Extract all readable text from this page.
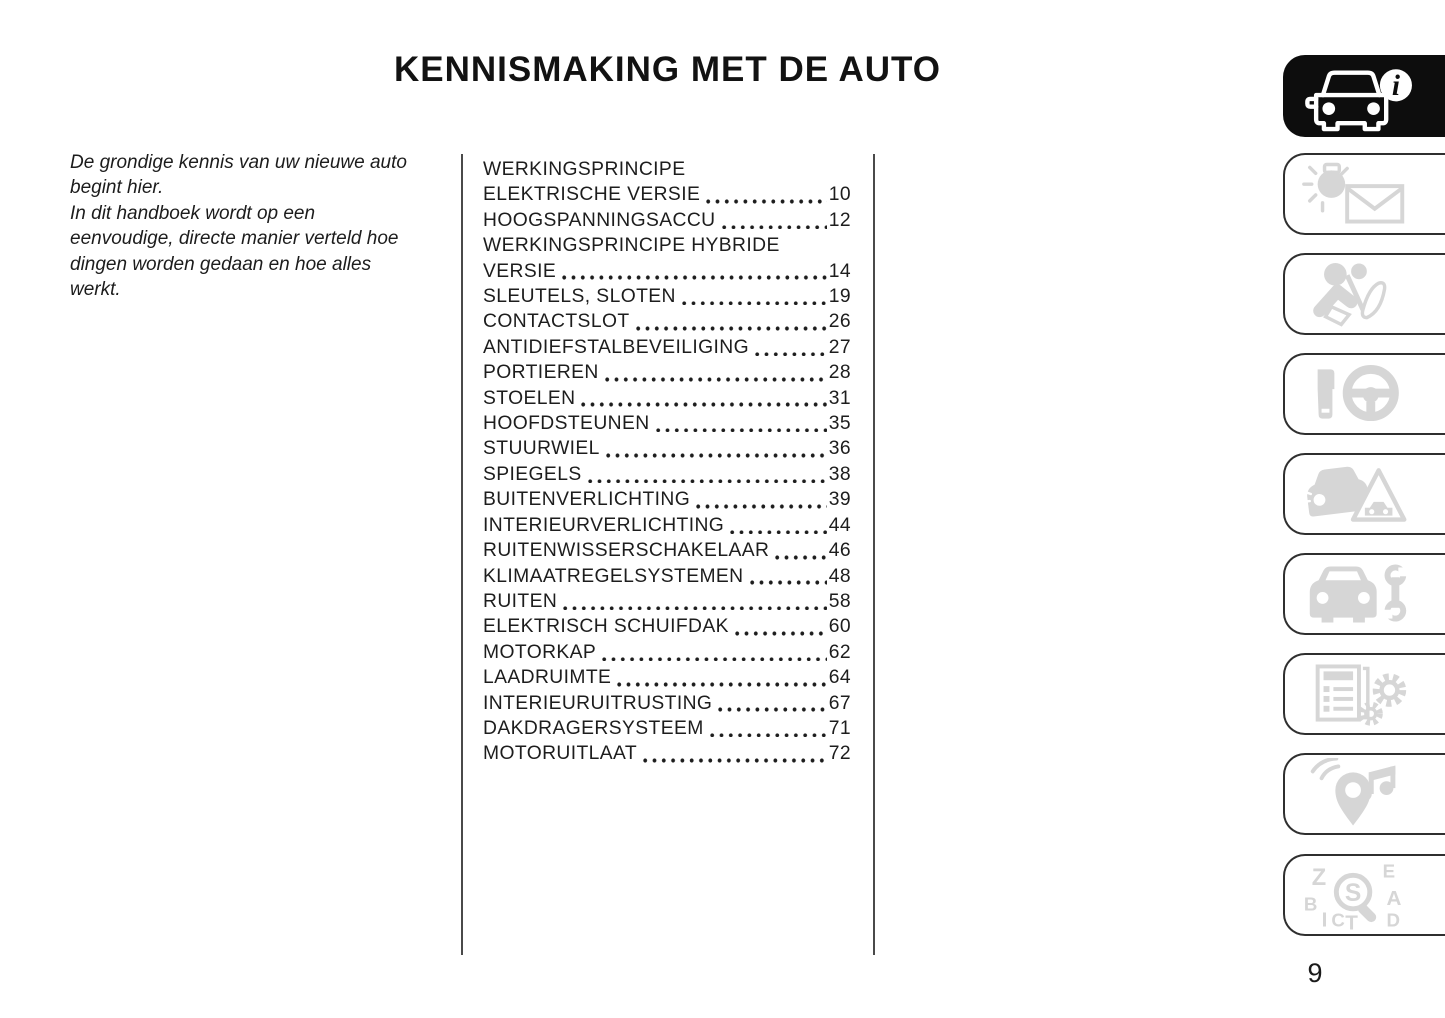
KENNISMAKING MET DE AUTO
De grondige kennis van uw nieuwe auto
begint hier.
In dit handboek wordt op een
eenvoudige, directe manier verteld hoe
dingen worden gedaan en hoe alles
werkt.
WERKINGSPRINCIPE
ELEKTRISCHE VERSIE	10
HOOGSPANNINGSACCU	12
WERKINGSPRINCIPE HYBRIDE
VERSIE	14
SLEUTELS, SLOTEN	19
CONTACTSLOT	26
ANTIDIEFSTALBEVEILIGING	27
PORTIEREN	28
STOELEN	31
HOOFDSTEUNEN	35
STUURWIEL	36
SPIEGELS	38
BUITENVERLICHTING	39
INTERIEURVERLICHTING	44
RUITENWISSERSCHAKELAAR	46
KLIMAATREGELSYSTEMEN	48
RUITEN	58
ELEKTRISCH SCHUIFDAK	60
MOTORKAP	62
LAADRUIMTE	64
INTERIEURUITRUSTING	67
DAKDRAGERSYSTEEM	71
MOTORUITLAAT	72
9
i
Z	E
B	A
I C D
S
T
